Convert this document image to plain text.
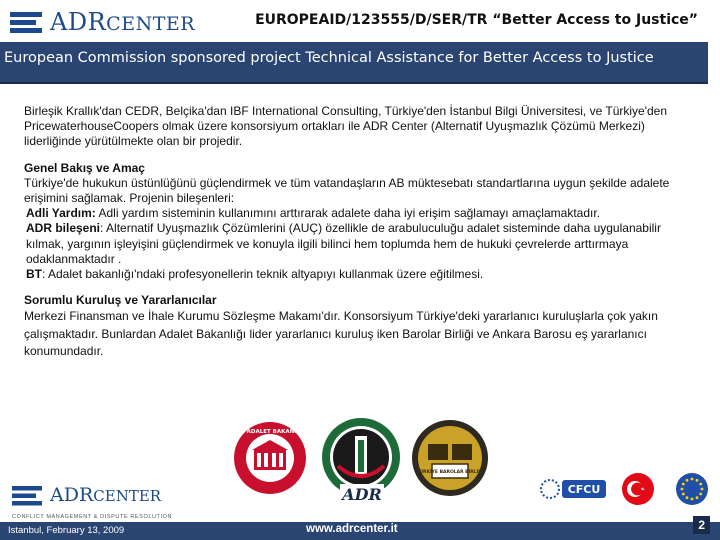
ADRCENTER	EUROPEAID/123555/D/SER/TR “Better Access to Justice”
European Commission sponsored project Technical Assistance for Better Access to Justice

Birleşik Krallık'dan CEDR, Belçika'dan IBF International Consulting, Türkiye'den İstanbul Bilgi Üniversitesi, ve Türkiye'den PricewaterhouseCoopers olmak üzere konsorsiyum ortakları ile ADR Center (Alternatif Uyuşmazlık Çözümü Merkezi) liderliğinde yürütülmekte olan bir projedir.

Genel Bakış ve Amaç
Türkiye'de hukukun üstünlüğünü güçlendirmek ve tüm vatandaşların AB müktesebatı standartlarına uygun şekilde adalete erişimini sağlamak. Projenin bileşenleri:
Adli Yardım: Adli yardım sisteminin kullanımını arttırarak adalete daha iyi erişim sağlamayı amaçlamaktadır.
ADR bileşeni: Alternatif Uyuşmazlık Çözümlerini (AUÇ) özellikle de arabuluculuğu adalet sisteminde daha uygulanabilir kılmak, yargının işleyişini güçlendirmek ve konuyla ilgili bilinci hem toplumda hem de hukuki çevrelerde arttırmaya odaklanmaktadır .
BT: Adalet bakanlığı'ndaki profesyonellerin teknik altyapıyı kullanmak üzere eğitilmesi.
Sorumlu Kuruluş ve Yararlanıcılar
Merkezi Finansman ve İhale Kurumu Sözleşme Makamı'dır. Konsorsiyum Türkiye'deki yararlanıcı kuruluşlarla çok yakın çalışmaktadır. Bunlardan Adalet Bakanlığı lider yararlanıcı kuruluş iken Barolar Birliği ve Ankara Barosu eş yararlanıcı konumundadır.
T.C. ADALET BAKANLIĞI
TÜRKİYE BAROLAR BİRLİĞİ
ADR	CFCU
ADRCENTER
CONFLICT MANAGEMENT & DISPUTE RESOLUTION
Istanbul, February 13, 2009	www.adrcenter.it	2
